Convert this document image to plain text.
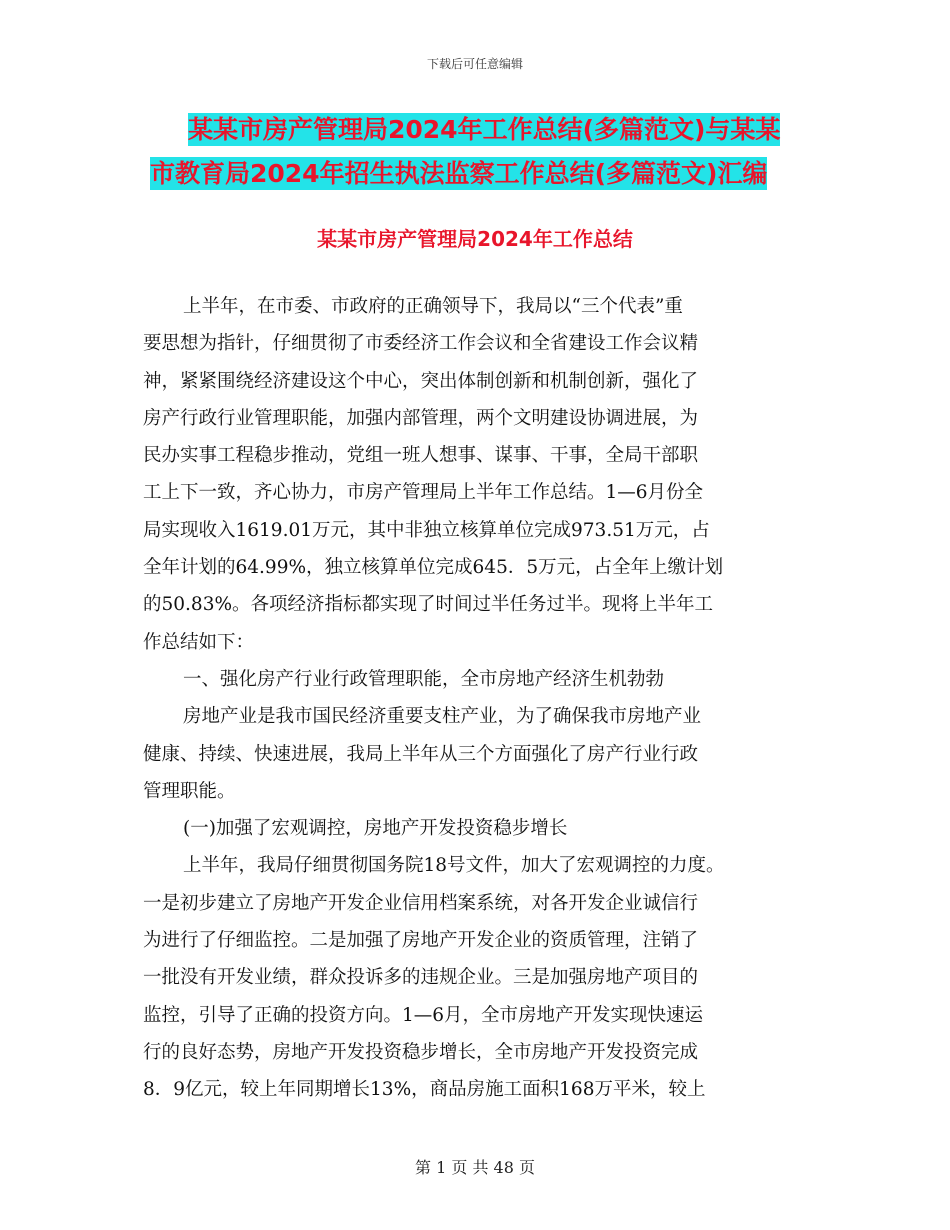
下载后可任意编辑
某某市房产管理局2024年工作总结(多篇范文)与某某
市教育局2024年招生执法监察工作总结(多篇范文)汇编
某某市房产管理局2024年工作总结
上半年，在市委、市政府的正确领导下，我局以“三个代表”重
要思想为指针，仔细贯彻了市委经济工作会议和全省建设工作会议精
神，紧紧围绕经济建设这个中心，突出体制创新和机制创新，强化了
房产行政行业管理职能，加强内部管理，两个文明建设协调进展，为
民办实事工程稳步推动，党组一班人想事、谋事、干事，全局干部职
工上下一致，齐心协力，市房产管理局上半年工作总结。1—6月份全
局实现收入1619.01万元，其中非独立核算单位完成973.51万元，占
全年计划的64.99%，独立核算单位完成645．5万元，占全年上缴计划
的50.83%。各项经济指标都实现了时间过半任务过半。现将上半年工
作总结如下：
一、强化房产行业行政管理职能，全市房地产经济生机勃勃
房地产业是我市国民经济重要支柱产业，为了确保我市房地产业
健康、持续、快速进展，我局上半年从三个方面强化了房产行业行政
管理职能。
(一)加强了宏观调控，房地产开发投资稳步增长
上半年，我局仔细贯彻国务院18号文件，加大了宏观调控的力度。
一是初步建立了房地产开发企业信用档案系统，对各开发企业诚信行
为进行了仔细监控。二是加强了房地产开发企业的资质管理，注销了
一批没有开发业绩，群众投诉多的违规企业。三是加强房地产项目的
监控，引导了正确的投资方向。1—6月，全市房地产开发实现快速运
行的良好态势，房地产开发投资稳步增长，全市房地产开发投资完成
8．9亿元，较上年同期增长13%，商品房施工面积168万平米，较上
第 1 页 共 48 页
